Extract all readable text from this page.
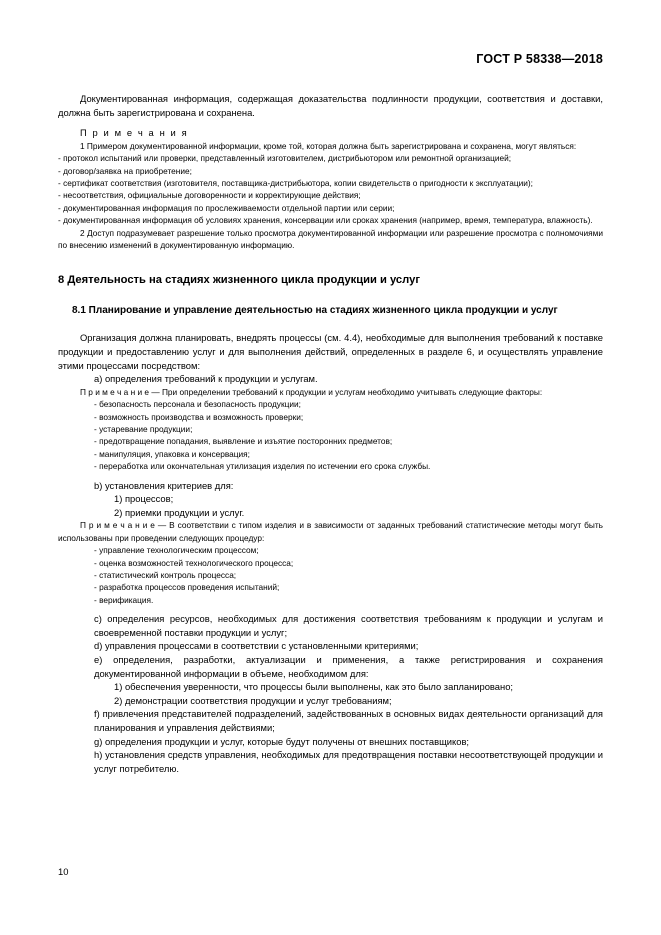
ГОСТ Р 58338—2018

Документированная информация, содержащая доказательства подлинности продукции, соответствия и доставки, должна быть зарегистрирована и сохранена.

П р и м е ч а н и я

1 Примером документированной информации, кроме той, которая должна быть зарегистрирована и сохранена, могут являться:

- протокол испытаний или проверки, представленный изготовителем, дистрибьютором или ремонтной организацией;

- договор/заявка на приобретение;

- сертификат соответствия (изготовителя, поставщика-дистрибьютора, копии свидетельств о пригодности к эксплуатации);

- несоответствия, официальные договоренности и корректирующие действия;

- документированная информация по прослеживаемости отдельной партии или серии;

- документированная информация об условиях хранения, консервации или сроках хранения (например, время, температура, влажность).

2 Доступ подразумевает разрешение только просмотра документированной информации или разрешение просмотра с полномочиями по внесению изменений в документированную информацию.

8 Деятельность на стадиях жизненного цикла продукции и услуг
8.1 Планирование и управление деятельностью на стадиях жизненного цикла продукции и услуг

Организация должна планировать, внедрять процессы (см. 4.4), необходимые для выполнения требований к поставке продукции и предоставлению услуг и для выполнения действий, определенных в разделе 6, и осуществлять управление этими процессами посредством:

a) определения требований к продукции и услугам.

П р и м е ч а н и е — При определении требований к продукции и услугам необходимо учитывать следующие факторы:

- безопасность персонала и безопасность продукции;

- возможность производства и возможность проверки;

- устаревание продукции;

- предотвращение попадания, выявление и изъятие посторонних предметов;

- манипуляция, упаковка и консервация;

- переработка или окончательная утилизация изделия по истечении его срока службы.

b) установления критериев для:

1) процессов;

2) приемки продукции и услуг.

П р и м е ч а н и е — В соответствии с типом изделия и в зависимости от заданных требований статистические методы могут быть использованы при проведении следующих процедур:

- управление технологическим процессом;

- оценка возможностей технологического процесса;

- статистический контроль процесса;

- разработка процессов проведения испытаний;

- верификация.

c) определения ресурсов, необходимых для достижения соответствия требованиям к продукции и услугам и своевременной поставки продукции и услуг;

d) управления процессами в соответствии с установленными критериями;

e) определения, разработки, актуализации и применения, а также регистрирования и сохранения документированной информации в объеме, необходимом для:

1) обеспечения уверенности, что процессы были выполнены, как это было запланировано;

2) демонстрации соответствия продукции и услуг требованиям;

f) привлечения представителей подразделений, задействованных в основных видах деятельности организаций для планирования и управления действиями;

g) определения продукции и услуг, которые будут получены от внешних поставщиков;

h) установления средств управления, необходимых для предотвращения поставки несоответствующей продукции и услуг потребителю.

10
